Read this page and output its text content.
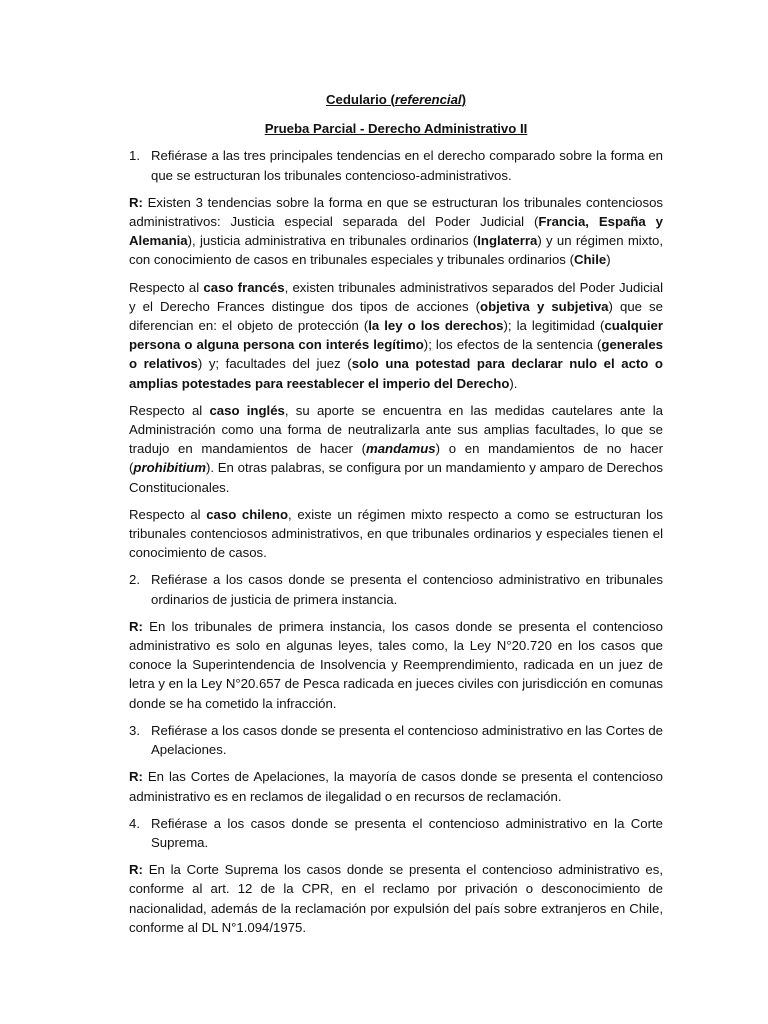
Cedulario (referencial)
Prueba Parcial - Derecho Administrativo II
1. Refiérase a las tres principales tendencias en el derecho comparado sobre la forma en que se estructuran los tribunales contencioso-administrativos.

R: Existen 3 tendencias sobre la forma en que se estructuran los tribunales contenciosos administrativos: Justicia especial separada del Poder Judicial (Francia, España y Alemania), justicia administrativa en tribunales ordinarios (Inglaterra) y un régimen mixto, con conocimiento de casos en tribunales especiales y tribunales ordinarios (Chile)

Respecto al caso francés, existen tribunales administrativos separados del Poder Judicial y el Derecho Frances distingue dos tipos de acciones (objetiva y subjetiva) que se diferencian en: el objeto de protección (la ley o los derechos); la legitimidad (cualquier persona o alguna persona con interés legítimo); los efectos de la sentencia (generales o relativos) y; facultades del juez (solo una potestad para declarar nulo el acto o amplias potestades para reestablecer el imperio del Derecho).

Respecto al caso inglés, su aporte se encuentra en las medidas cautelares ante la Administración como una forma de neutralizarla ante sus amplias facultades, lo que se tradujo en mandamientos de hacer (mandamus) o en mandamientos de no hacer (prohibitium). En otras palabras, se configura por un mandamiento y amparo de Derechos Constitucionales.

Respecto al caso chileno, existe un régimen mixto respecto a como se estructuran los tribunales contenciosos administrativos, en que tribunales ordinarios y especiales tienen el conocimiento de casos.

2. Refiérase a los casos donde se presenta el contencioso administrativo en tribunales ordinarios de justicia de primera instancia.

R: En los tribunales de primera instancia, los casos donde se presenta el contencioso administrativo es solo en algunas leyes, tales como, la Ley N°20.720 en los casos que conoce la Superintendencia de Insolvencia y Reemprendimiento, radicada en un juez de letra y en la Ley N°20.657 de Pesca radicada en jueces civiles con jurisdicción en comunas donde se ha cometido la infracción.

3. Refiérase a los casos donde se presenta el contencioso administrativo en las Cortes de Apelaciones.

R: En las Cortes de Apelaciones, la mayoría de casos donde se presenta el contencioso administrativo es en reclamos de ilegalidad o en recursos de reclamación.

4. Refiérase a los casos donde se presenta el contencioso administrativo en la Corte Suprema.

R: En la Corte Suprema los casos donde se presenta el contencioso administrativo es, conforme al art. 12 de la CPR, en el reclamo por privación o desconocimiento de nacionalidad, además de la reclamación por expulsión del país sobre extranjeros en Chile, conforme al DL N°1.094/1975.
